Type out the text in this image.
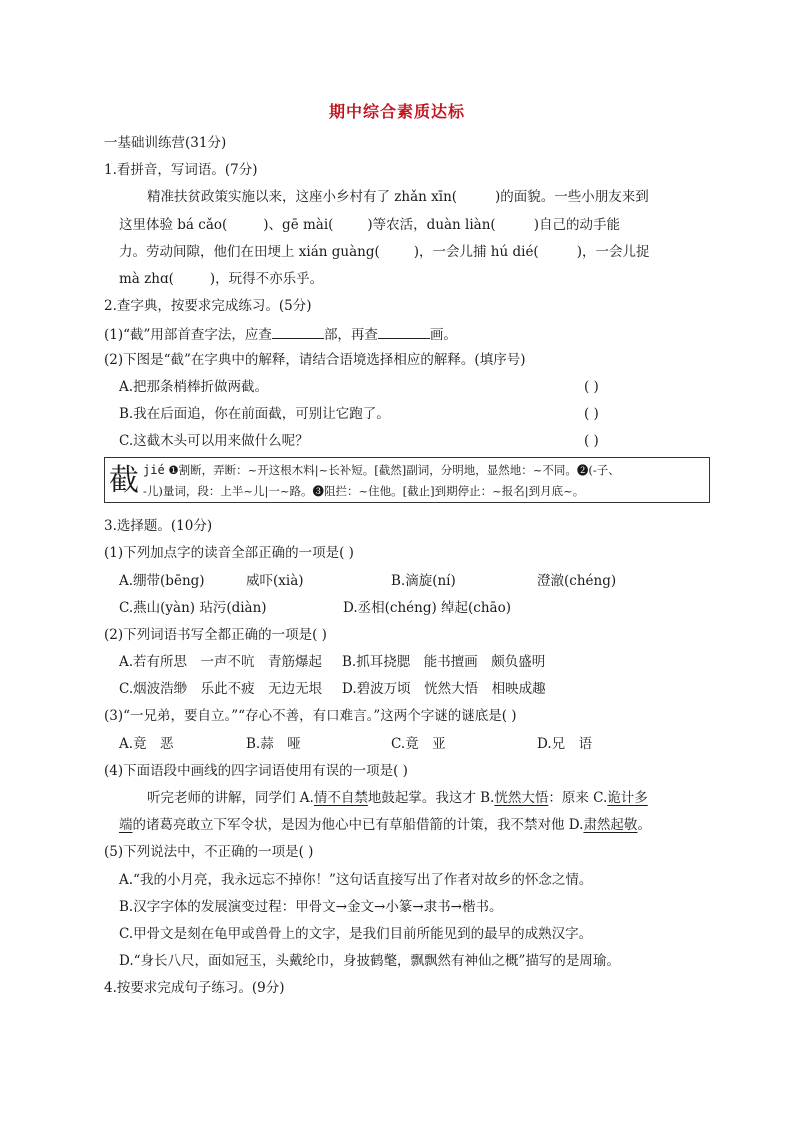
期中综合素质达标
一基础训练营(31分)
1.看拼音，写词语。(7分)
精准扶贫政策实施以来，这座小乡村有了 zhǎn xīn(	)的面貌。一些小朋友来到
这里体验 bá cǎo(	)、gē mài(	)等农活，duàn liàn(	)自己的动手能
力。劳动间隙，他们在田埂上 xián guàng(	)，一会儿捕 hú dié(	)，一会儿捉
mà zhɑ(	)，玩得不亦乐乎。
2.查字典，按要求完成练习。(5分)
(1)“截”用部首查字法，应查	部，再查	画。
(2)下图是“截”在字典中的解释，请结合语境选择相应的解释。(填序号)
A.把那条梢棒折做两截。	( )
B.我在后面追，你在前面截，可别让它跑了。	( )
C.这截木头可以用来做什么呢？	( )
截 jié ❶割断，弄断：~开这根木料|~长补短。[截然]副词，分明地，显然地：~不同。❷(-子、
-儿)量词，段：上半~儿|一~路。❸阻拦：~住他。[截止]到期停止：~报名|到月底~。
3.选择题。(10分)
(1)下列加点字的读音全部正确的一项是( )
A.绷带(bēng)	威吓(xià)	B.滴旋(ní)	澄澈(chéng)
C.燕山(yàn) 玷污(diàn)	D.丞相(chéng) 绰起(chāo)
(2)下列词语书写全都正确的一项是( )
A.若有所思　一声不吭　青筋爆起 B.抓耳挠腮　能书擅画　颇负盛明
C.烟波浩缈　乐此不疲　无边无垠 D.碧波万顷　恍然大悟　相映成趣
(3)“一兄弟，要自立。”“存心不善，有口难言。”这两个字谜的谜底是( )
A.竟　恶	B.蒜　哑	C.竟　亚	D.兄　语
(4)下面语段中画线的四字词语使用有误的一项是( )
听完老师的讲解，同学们 A.情不自禁地鼓起掌。我这才 B.恍然大悟：原来 C.诡计多
端的诸葛亮敢立下军令状，是因为他心中已有草船借箭的计策，我不禁对他 D.肃然起敬。
(5)下列说法中，不正确的一项是( )
A.“我的小月亮，我永远忘不掉你！”这句话直接写出了作者对故乡的怀念之情。
B.汉字字体的发展演变过程：甲骨文→金文→小篆→隶书→楷书。
C.甲骨文是刻在龟甲或兽骨上的文字，是我们目前所能见到的最早的成熟汉字。
D.“身长八尺，面如冠玉，头戴纶巾，身披鹤氅，飘飘然有神仙之概”描写的是周瑜。
4.按要求完成句子练习。(9分)
